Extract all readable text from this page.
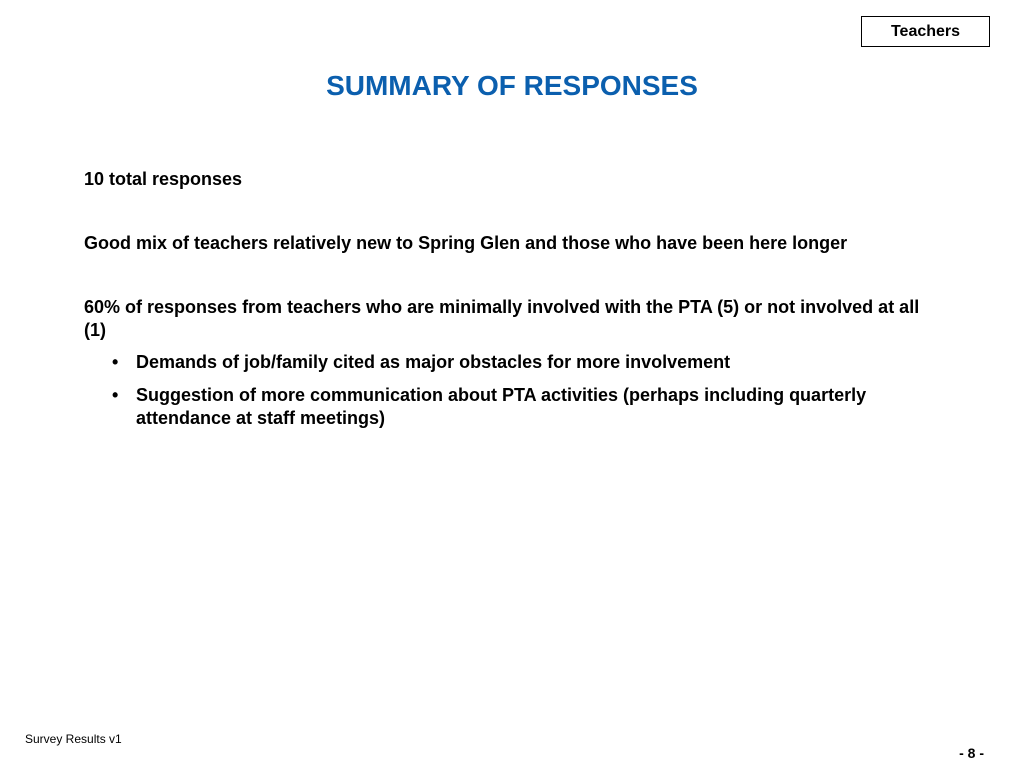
Teachers
SUMMARY OF RESPONSES

10 total responses

Good mix of teachers relatively new to Spring Glen and those who have been here longer

60% of responses from teachers who are minimally involved with the PTA (5) or not involved at all (1)

• Demands of job/family cited as major obstacles for more involvement
• Suggestion of more communication about PTA activities (perhaps including quarterly attendance at staff meetings)
Survey Results v1
- 8 -
